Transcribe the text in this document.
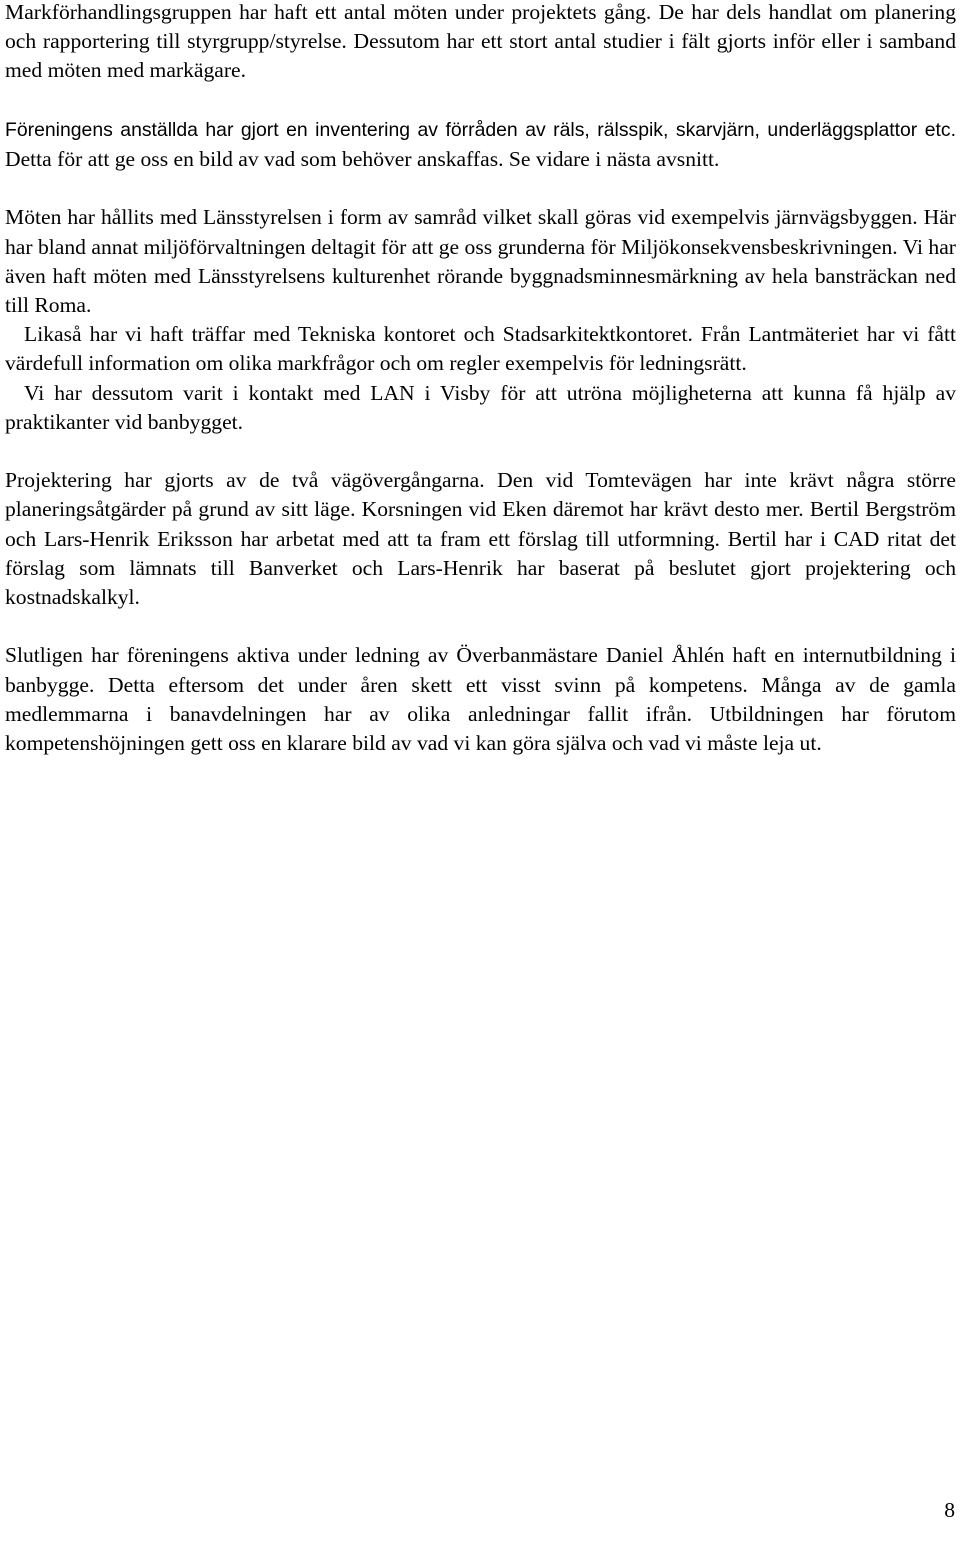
Markförhandlingsgruppen har haft ett antal möten under projektets gång. De har dels handlat om planering och rapportering till styrgrupp/styrelse. Dessutom har ett stort antal studier i fält gjorts inför eller i samband med möten med markägare.

Föreningens anställda har gjort en inventering av förråden av räls, rälsspik, skarvjärn, underläggsplattor etc. Detta för att ge oss en bild av vad som behöver anskaffas. Se vidare i nästa avsnitt.

Möten har hållits med Länsstyrelsen i form av samråd vilket skall göras vid exempelvis järnvägsbyggen. Här har bland annat miljöförvaltningen deltagit för att ge oss grunderna för Miljökonsekvensbeskrivningen. Vi har även haft möten med Länsstyrelsens kulturenhet rörande byggnadsminnesmärkning av hela bansträckan ned till Roma.

Likaså har vi haft träffar med Tekniska kontoret och Stadsarkitektkontoret. Från Lantmäteriet har vi fått värdefull information om olika markfrågor och om regler exempelvis för ledningsrätt.

Vi har dessutom varit i kontakt med LAN i Visby för att utröna möjligheterna att kunna få hjälp av praktikanter vid banbygget.

Projektering har gjorts av de två vägövergångarna. Den vid Tomtevägen har inte krävt några större planeringsåtgärder på grund av sitt läge. Korsningen vid Eken däremot har krävt desto mer. Bertil Bergström och Lars-Henrik Eriksson har arbetat med att ta fram ett förslag till utformning. Bertil har i CAD ritat det förslag som lämnats till Banverket och Lars-Henrik har baserat på beslutet gjort projektering och kostnadskalkyl.

Slutligen har föreningens aktiva under ledning av Överbanmästare Daniel Åhlén haft en internutbildning i banbygge. Detta eftersom det under åren skett ett visst svinn på kompetens. Många av de gamla medlemmarna i banavdelningen har av olika anledningar fallit ifrån. Utbildningen har förutom kompetenshöjningen gett oss en klarare bild av vad vi kan göra själva och vad vi måste leja ut.

8
